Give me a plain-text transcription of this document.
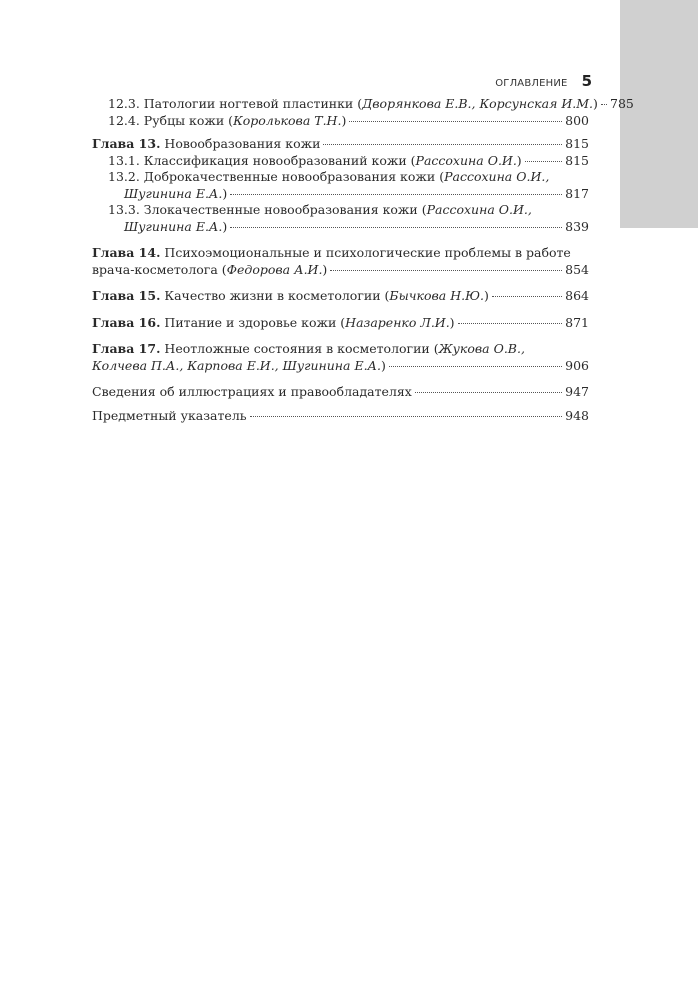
ОГЛАВЛЕНИЕ 5
12.3. Патологии ногтевой пластинки (Дворянкова Е.В., Корсунская И.М.) 785
12.4. Рубцы кожи (Королькова Т.Н.)	800
Глава 13. Новообразования кожи	815
13.1. Классификация новообразований кожи (Рассохина О.И.)	815
13.2. Доброкачественные новообразования кожи (Рассохина О.И.,
Шугинина Е.А.)	817
13.3. Злокачественные новообразования кожи (Рассохина О.И.,
Шугинина Е.А.)	839
Глава 14. Психоэмоциональные и психологические проблемы в работе
врача-косметолога (Федорова А.И.)	854
Глава 15. Качество жизни в косметологии (Бычкова Н.Ю.)	864
Глава 16. Питание и здоровье кожи (Назаренко Л.И.)	871
Глава 17. Неотложные состояния в косметологии (Жукова О.В.,
Колчева П.А., Карпова Е.И., Шугинина Е.А.)	906
Сведения об иллюстрациях и правообладателях	947
Предметный указатель	948
